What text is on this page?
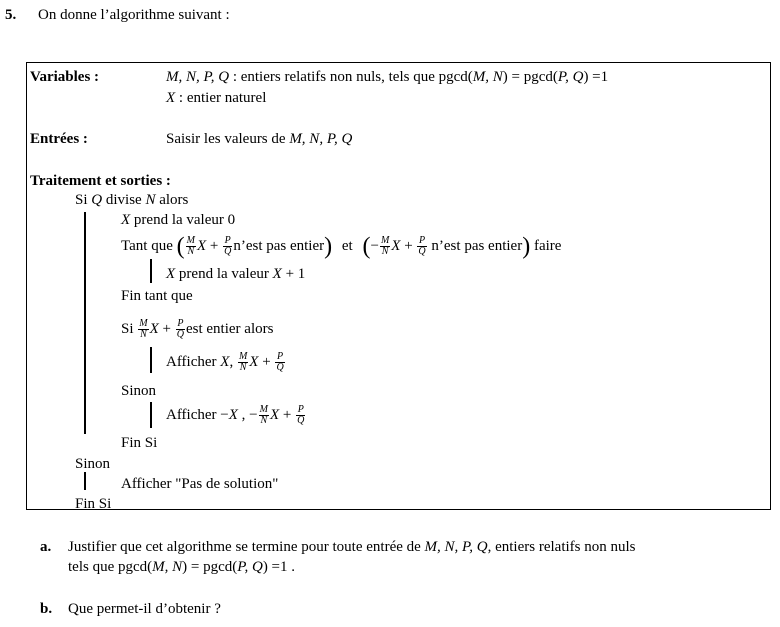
5. On donne l’algorithme suivant :
Variables :	M, N, P, Q : entiers relatifs non nuls, tels que pgcd(M, N) = pgcd(P, Q) =1
X : entier naturel
Entrées :	Saisir les valeurs de M, N, P, Q
Traitement et sorties :
Si Q divise N alors
X prend la valeur 0
Tant que ( $\frac{M}{N}$ $X + \frac{P}{Q}$ n’est pas entier) et (− $\frac{M}{N}$ $X + \frac{P}{Q}$ n’est pas entier) faire
X prend la valeur X + 1
Fin tant que
Si $\frac{M}{N}$ $X + \frac{P}{Q}$ est entier alors
Afficher X, $\frac{M}{N}$ $X + \frac{P}{Q}$
Sinon
Afficher −X , − $\frac{M}{N}$ $X + \frac{P}{Q}$
Fin Si
Sinon
Afficher "Pas de solution"
Fin Si
a. Justifier que cet algorithme se termine pour toute entrée de M, N, P, Q, entiers relatifs non nuls
tels que pgcd(M, N) = pgcd(P, Q) =1 .
b. Que permet-il d’obtenir ?
